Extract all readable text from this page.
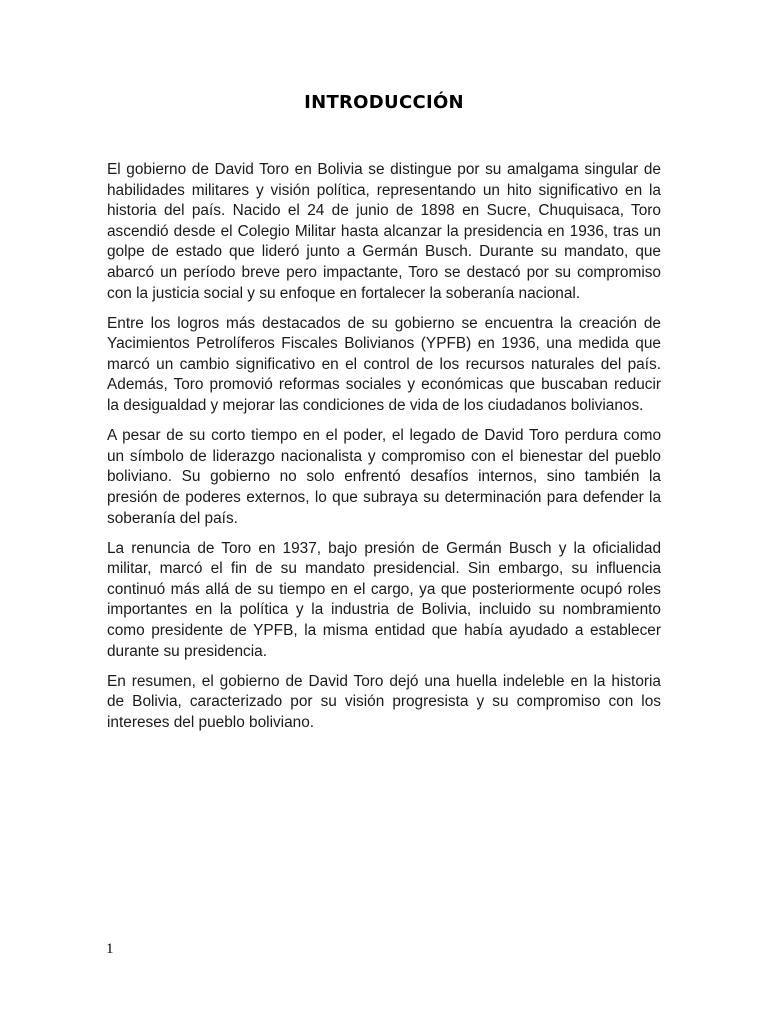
INTRODUCCIÓN

El gobierno de David Toro en Bolivia se distingue por su amalgama singular de habilidades militares y visión política, representando un hito significativo en la historia del país. Nacido el 24 de junio de 1898 en Sucre, Chuquisaca, Toro ascendió desde el Colegio Militar hasta alcanzar la presidencia en 1936, tras un golpe de estado que lideró junto a Germán Busch. Durante su mandato, que abarcó un período breve pero impactante, Toro se destacó por su compromiso con la justicia social y su enfoque en fortalecer la soberanía nacional.

Entre los logros más destacados de su gobierno se encuentra la creación de Yacimientos Petrolíferos Fiscales Bolivianos (YPFB) en 1936, una medida que marcó un cambio significativo en el control de los recursos naturales del país. Además, Toro promovió reformas sociales y económicas que buscaban reducir la desigualdad y mejorar las condiciones de vida de los ciudadanos bolivianos.

A pesar de su corto tiempo en el poder, el legado de David Toro perdura como un símbolo de liderazgo nacionalista y compromiso con el bienestar del pueblo boliviano. Su gobierno no solo enfrentó desafíos internos, sino también la presión de poderes externos, lo que subraya su determinación para defender la soberanía del país.

La renuncia de Toro en 1937, bajo presión de Germán Busch y la oficialidad militar, marcó el fin de su mandato presidencial. Sin embargo, su influencia continuó más allá de su tiempo en el cargo, ya que posteriormente ocupó roles importantes en la política y la industria de Bolivia, incluido su nombramiento como presidente de YPFB, la misma entidad que había ayudado a establecer durante su presidencia.

En resumen, el gobierno de David Toro dejó una huella indeleble en la historia de Bolivia, caracterizado por su visión progresista y su compromiso con los intereses del pueblo boliviano.

1
